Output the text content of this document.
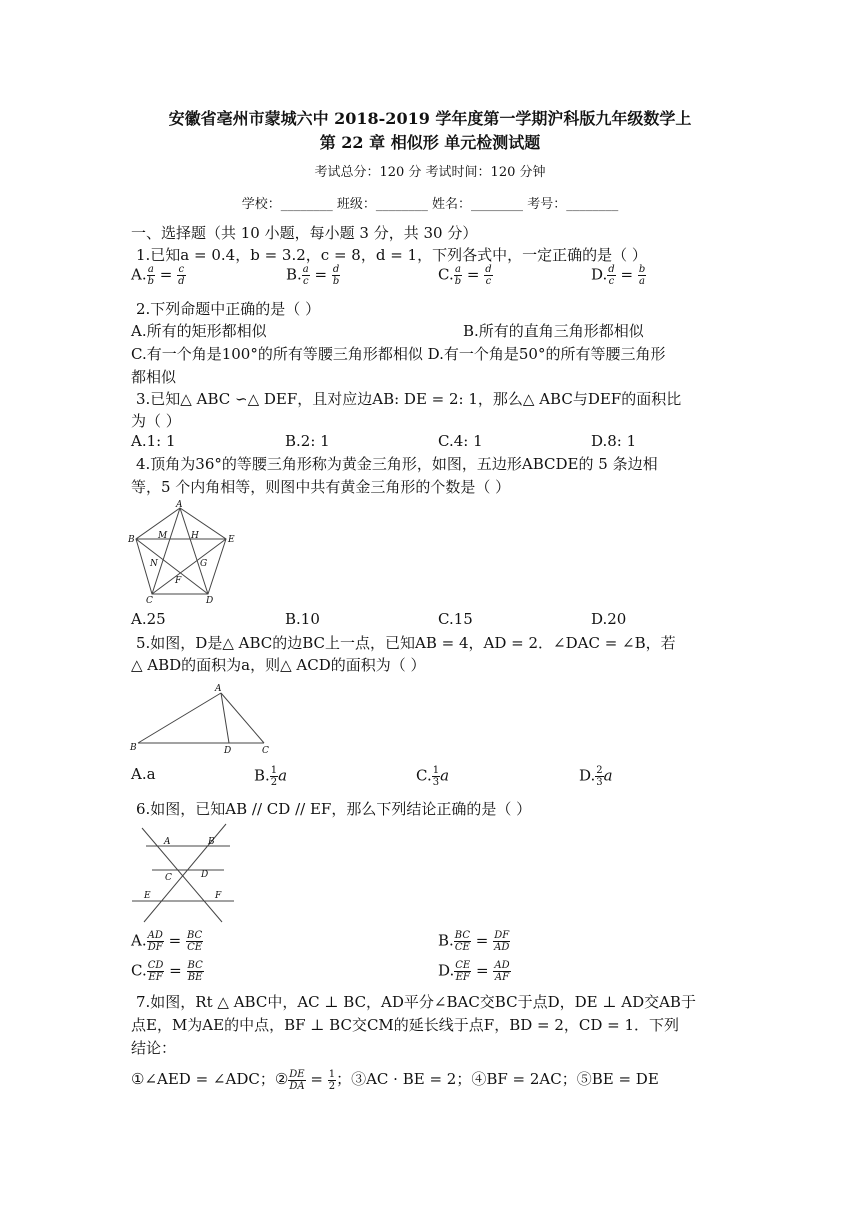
安徽省亳州市蒙城六中 2018-2019 学年度第一学期沪科版九年级数学上
第 22 章 相似形 单元检测试题
考试总分：120 分 考试时间：120 分钟
学校：________ 班级：________ 姓名：________ 考号：________
一、选择题（共 10 小题，每小题 3 分，共 30 分）
1.已知a = 0.4，b = 3.2，c = 8，d = 1，下列各式中，一定正确的是（ ）
A. $\frac{a}{b} = \frac{c}{d}$	B. $\frac{a}{c} = \frac{d}{b}$	C. $\frac{a}{b} = \frac{d}{c}$	D. $\frac{d}{c} = \frac{b}{a}$
2.下列命题中正确的是（ ）
A.所有的矩形都相似	B.所有的直角三角形都相似
C.有一个角是100°的所有等腰三角形都相似 D.有一个角是50°的所有等腰三角形
都相似
3.已知△ ABC ∽△ DEF，且对应边AB: DE = 2: 1，那么△ ABC与DEF的面积比
为（ ）
A.1: 1	B.2: 1	C.4: 1	D.8: 1
4.顶角为36°的等腰三角形称为黄金三角形，如图，五边形ABCDE的 5 条边相
等，5 个内角相等，则图中共有黄金三角形的个数是（ ）
A
B	E
M	H
N	G
F
C	D
A.25	B.10	C.15	D.20
5.如图，D是△ ABC的边BC上一点，已知AB = 4，AD = 2．∠DAC = ∠B，若
△ ABD的面积为a，则△ ACD的面积为（ ）
A
B	D	C
A.a	B. $\frac{1}{2}$ a	C. $\frac{1}{3}$ a	D. $\frac{2}{3}$ a
6.如图，已知AB // CD // EF，那么下列结论正确的是（ ）
A	B
C	D
E	F
A. $\frac{AD}{DF} = \frac{BC}{CE}$	B. $\frac{BC}{CE} = \frac{DF}{AD}$
C. $\frac{CD}{EF} = \frac{BC}{BE}$	D. $\frac{CE}{EF} = \frac{AD}{AF}$
7.如图，Rt △ ABC中，AC ⊥ BC，AD平分∠BAC交BC于点D，DE ⊥ AD交AB于
点E，M为AE的中点，BF ⊥ BC交CM的延长线于点F，BD = 2，CD = 1．下列
结论：
①∠AED = ∠ADC；② $\frac{DE}{DA} = \frac{1}{2}$ ；③AC · BE = 2；④BF = 2AC；⑤BE = DE
